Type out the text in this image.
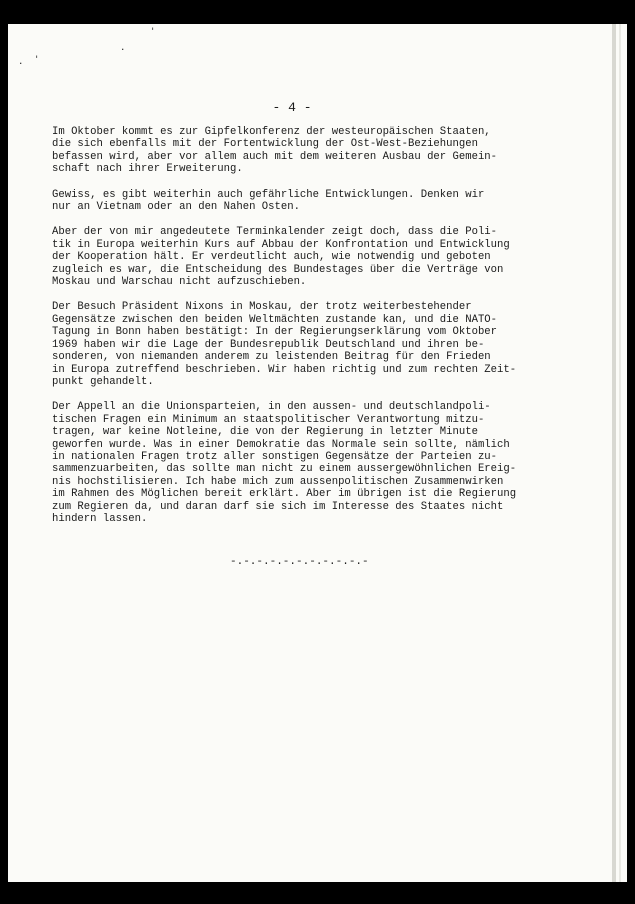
'
. '
.
- 4 -
Im Oktober kommt es zur Gipfelkonferenz der westeuropäischen Staaten,
die sich ebenfalls mit der Fortentwicklung der Ost-West-Beziehungen
befassen wird, aber vor allem auch mit dem weiteren Ausbau der Gemein-
schaft nach ihrer Erweiterung.
Gewiss, es gibt weiterhin auch gefährliche Entwicklungen. Denken wir
nur an Vietnam oder an den Nahen Osten.
Aber der von mir angedeutete Terminkalender zeigt doch, dass die Poli-
tik in Europa weiterhin Kurs auf Abbau der Konfrontation und Entwicklung
der Kooperation hält. Er verdeutlicht auch, wie notwendig und geboten
zugleich es war, die Entscheidung des Bundestages über die Verträge von
Moskau und Warschau nicht aufzuschieben.
Der Besuch Präsident Nixons in Moskau, der trotz weiterbestehender
Gegensätze zwischen den beiden Weltmächten zustande kan, und die NATO-
Tagung in Bonn haben bestätigt: In der Regierungserklärung vom Oktober
1969 haben wir die Lage der Bundesrepublik Deutschland und ihren be-
sonderen, von niemanden anderem zu leistenden Beitrag für den Frieden
in Europa zutreffend beschrieben. Wir haben richtig und zum rechten Zeit-
punkt gehandelt.
Der Appell an die Unionsparteien, in den aussen- und deutschlandpoli-
tischen Fragen ein Minimum an staatspolitischer Verantwortung mitzu-
tragen, war keine Notleine, die von der Regierung in letzter Minute
geworfen wurde. Was in einer Demokratie das Normale sein sollte, nämlich
in nationalen Fragen trotz aller sonstigen Gegensätze der Parteien zu-
sammenzuarbeiten, das sollte man nicht zu einem aussergewöhnlichen Ereig-
nis hochstilisieren. Ich habe mich zum aussenpolitischen Zusammenwirken
im Rahmen des Möglichen bereit erklärt. Aber im übrigen ist die Regierung
zum Regieren da, und daran darf sie sich im Interesse des Staates nicht
hindern lassen.
-.-.-.-.-.-.-.-.-.-.-
